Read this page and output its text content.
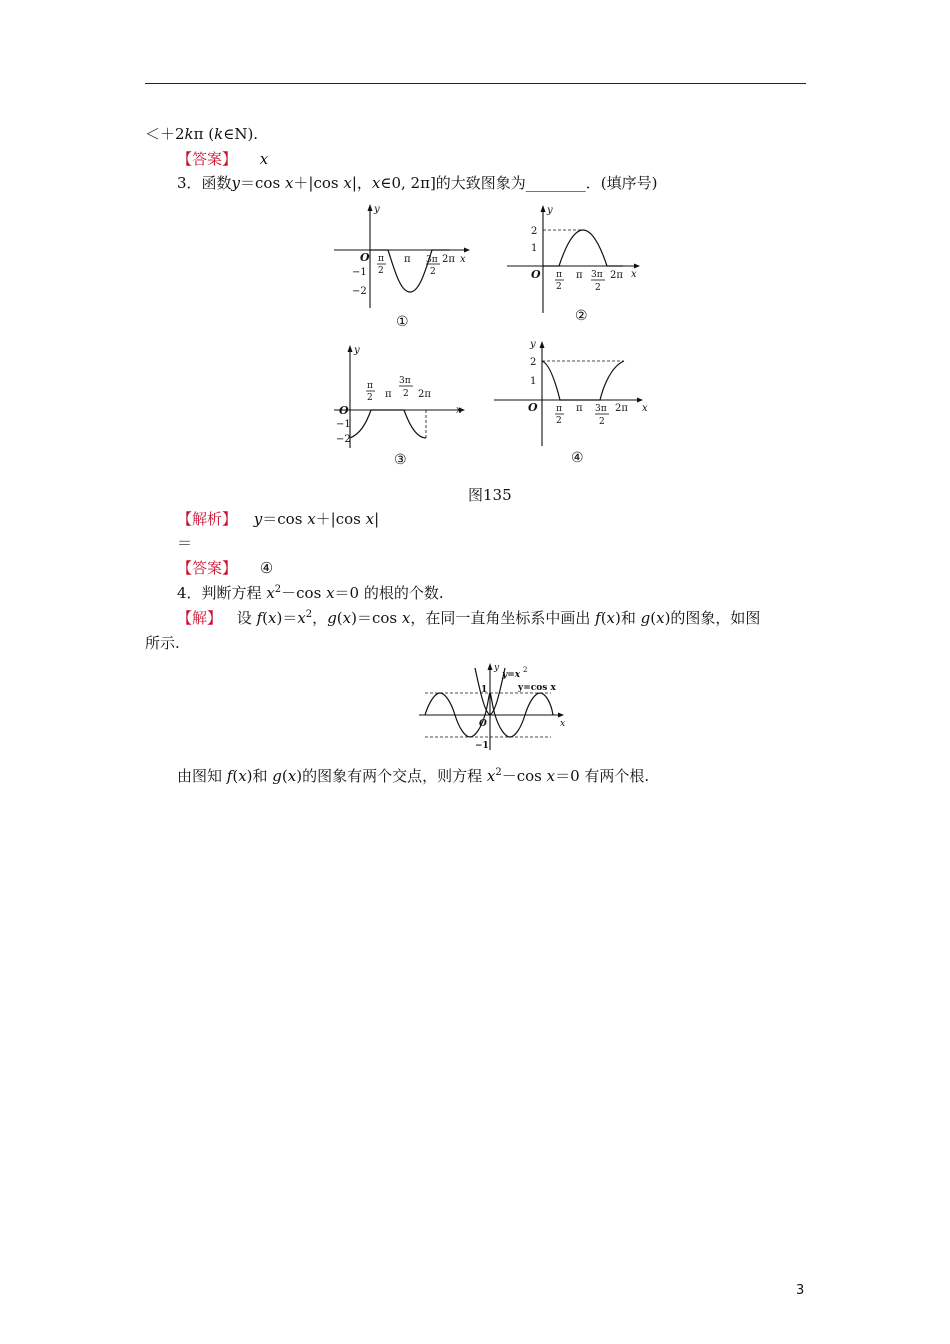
＜＋2kπ (k∈N).
【答案】 x
3．函数y＝cos x＋|cos x|，x∈0, 2π]的大致图象为________．(填序号)
y
x
O
−1
−2
π
2
π 3π
2
2π
①
y
x
O
2
1
π
2
π 3π
2
2π
②
y
x
O
−1
−2
π
2 π
3π
2 2π
③
y
x
O
2
1
π
2
π 3π
2
2π
④
图135
【解析】 y＝cos x＋|cos x|
＝
【答案】 ④
4．判断方程 $x^2-\cos$ x＝0 的根的个数.
【解】 设 $f(x)=x^2$，g(x)＝cos x，在同一直角坐标系中画出 f(x)和 g(x)的图象，如图
所示.
y
y=x 2
y=cos x
1
O
−1
x
由图知 f(x)和 g(x)的图象有两个交点，则方程 $x^2-\cos$ x＝0 有两个根.
3
